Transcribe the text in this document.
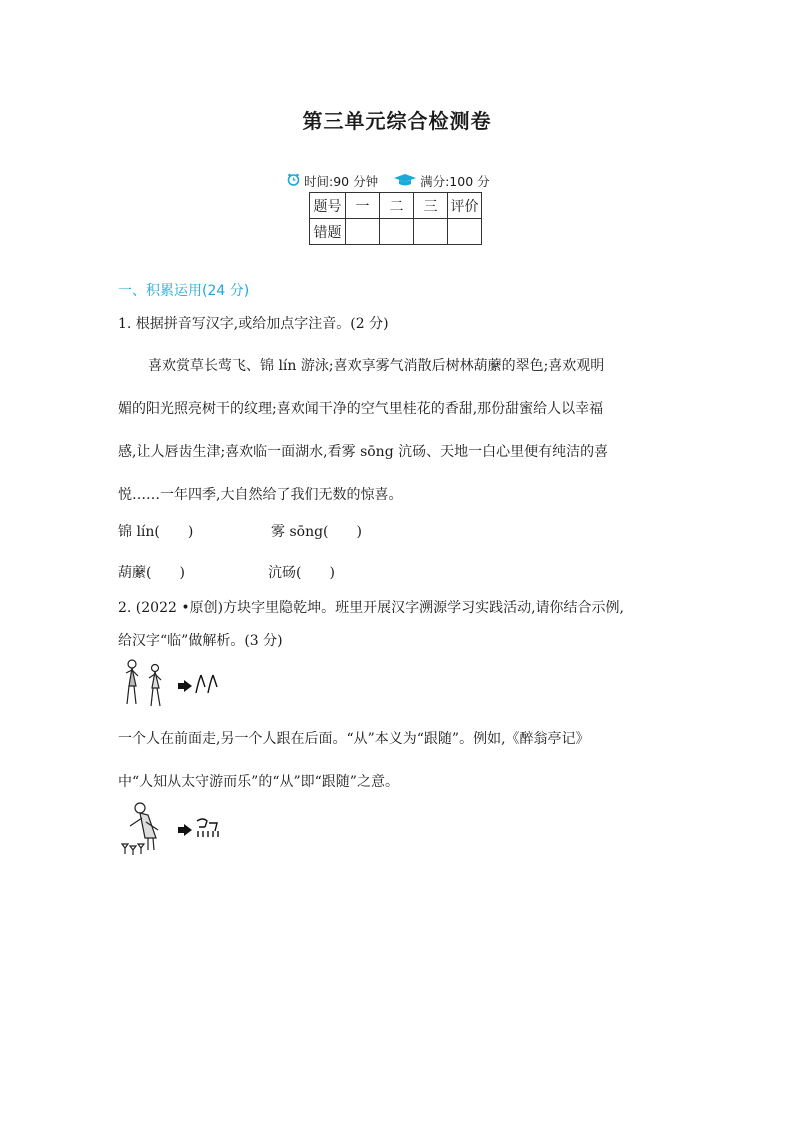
第三单元综合检测卷
时间:90 分钟	满分:100 分
题号	一	二	三	评价
错题				
一、积累运用(24 分)
1. 根据拼音写汉字,或给加点字注音。(2 分)
喜欢赏草长莺飞、锦 lín 游泳;喜欢享雾气消散后树林葫䕷的翠色;喜欢观明
媚的阳光照亮树干的纹理;喜欢闻干净的空气里桂花的香甜,那份甜蜜给人以幸福
感,让人唇齿生津;喜欢临一面湖水,看雾 sōng 沆砀、天地一白心里便有纯洁的喜
悦……一年四季,大自然给了我们无数的惊喜。
锦 lín(　　)	雾 sōng(　　)
葫䕷(　　)	沆砀(　　)
2. (2022 •原创)方块字里隐乾坤。班里开展汉字溯源学习实践活动,请你结合示例,
给汉字“临”做解析。(3 分)
一个人在前面走,另一个人跟在后面。“从”本义为“跟随”。例如,《醉翁亭记》
中“人知从太守游而乐”的“从”即“跟随”之意。
